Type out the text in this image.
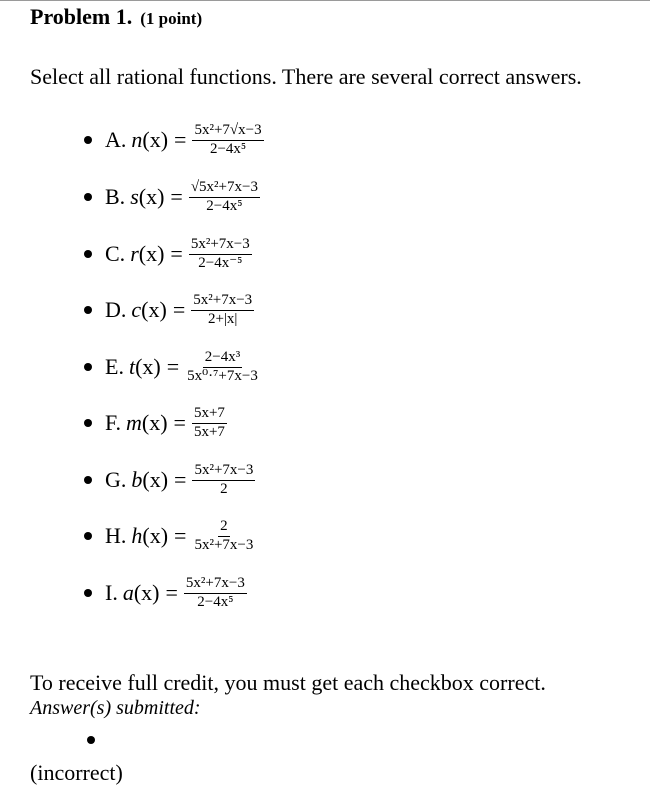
Problem 1. (1 point)
Select all rational functions. There are several correct answers.
A. n $(x) = \frac{\text{5x²+7√x−3}}{\text{2−4x⁵}}$
B. s $(x) = \frac{\text{√5x²+7x−3}}{\text{2−4x⁵}}$
C. r $(x) = \frac{\text{5x²+7x−3}}{\text{2−4x⁻⁵}}$
D. c $(x) = \frac{\text{5x²+7x−3}}{2+|x|}$
E. t $(x) = \frac{\text{2−4x³}}{\text{5x⁰·⁷+7x−3}}$
F. m $(x) = \frac{5x+7}{5x+7}$
G. b $(x) = \frac{\text{5x²+7x−3}}{2}$
H. h $(x) = \frac{2}{\text{5x²+7x−3}}$
I. a $(x) = \frac{\text{5x²+7x−3}}{\text{2−4x⁵}}$
To receive full credit, you must get each checkbox correct.
Answer(s) submitted:
(incorrect)
